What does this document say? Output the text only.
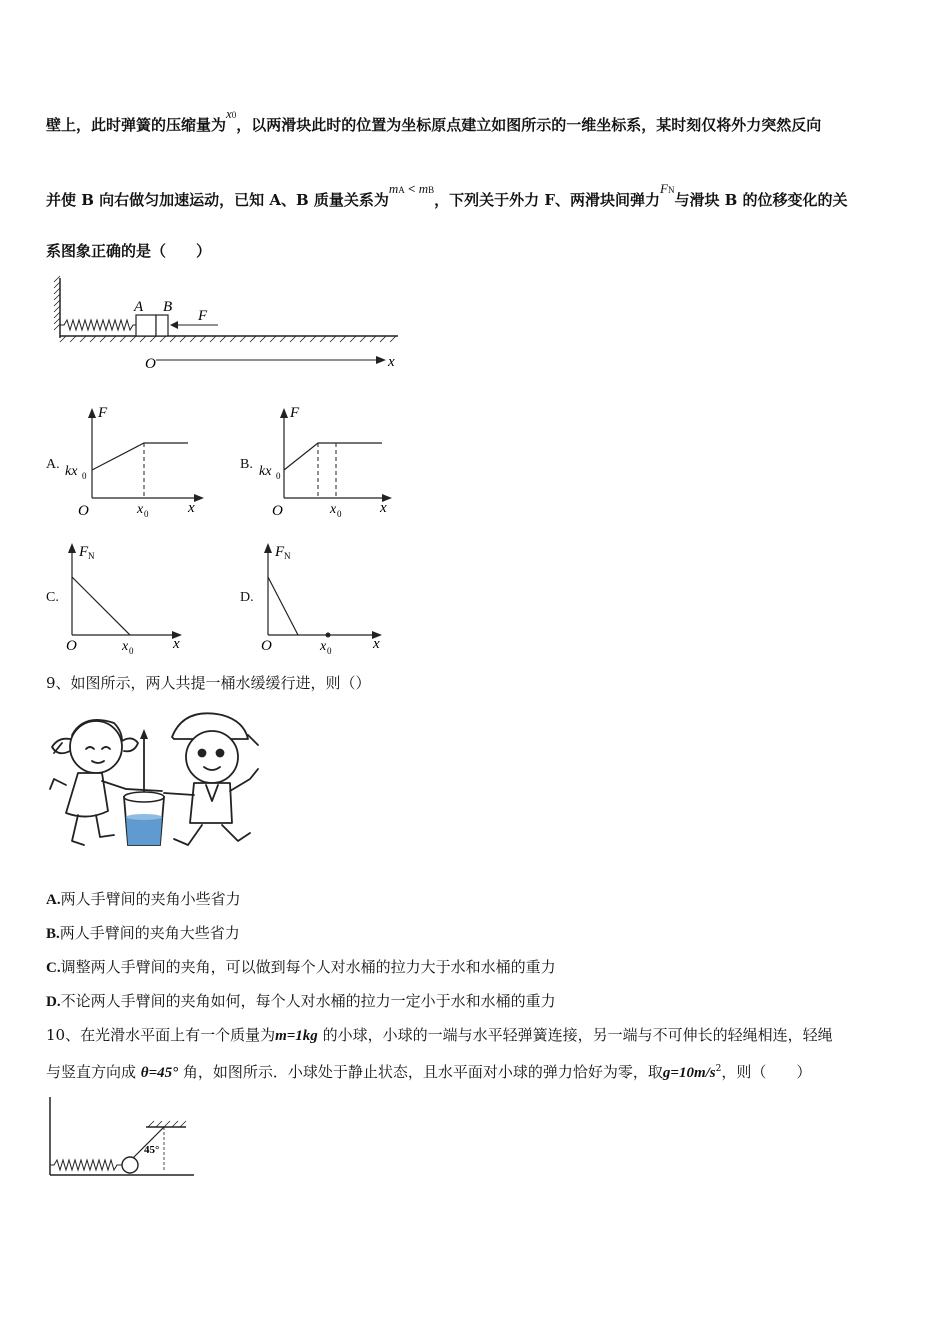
壁上，此时弹簧的压缩量为x0，以两滑块此时的位置为坐标原点建立如图所示的一维坐标系，某时刻仅将外力突然反向
并使 B 向右做匀加速运动，已知 A、B 质量关系为mA < mB，下列关于外力 F、两滑块间弹力FN与滑块 B 的位移变化的关
系图象正确的是（　　）
A B
F
O	x
A.
F
kx 0
O	x 0	x
B.
F
kx 0
O	x 0	x
C.
F N
O	x 0	x
D.
F N
O	x 0	x
9、如图所示，两人共提一桶水缓缓行进，则（）
A.两人手臂间的夹角小些省力
B.两人手臂间的夹角大些省力
C.调整两人手臂间的夹角，可以做到每个人对水桶的拉力大于水和水桶的重力
D.不论两人手臂间的夹角如何，每个人对水桶的拉力一定小于水和水桶的重力
10、在光滑水平面上有一个质量为m=1kg 的小球，小球的一端与水平轻弹簧连接，另一端与不可伸长的轻绳相连，轻绳
与竖直方向成 θ=45° 角，如图所示．小球处于静止状态，且水平面对小球的弹力恰好为零，取$g=10m/s^2$，则（　　）
45°
